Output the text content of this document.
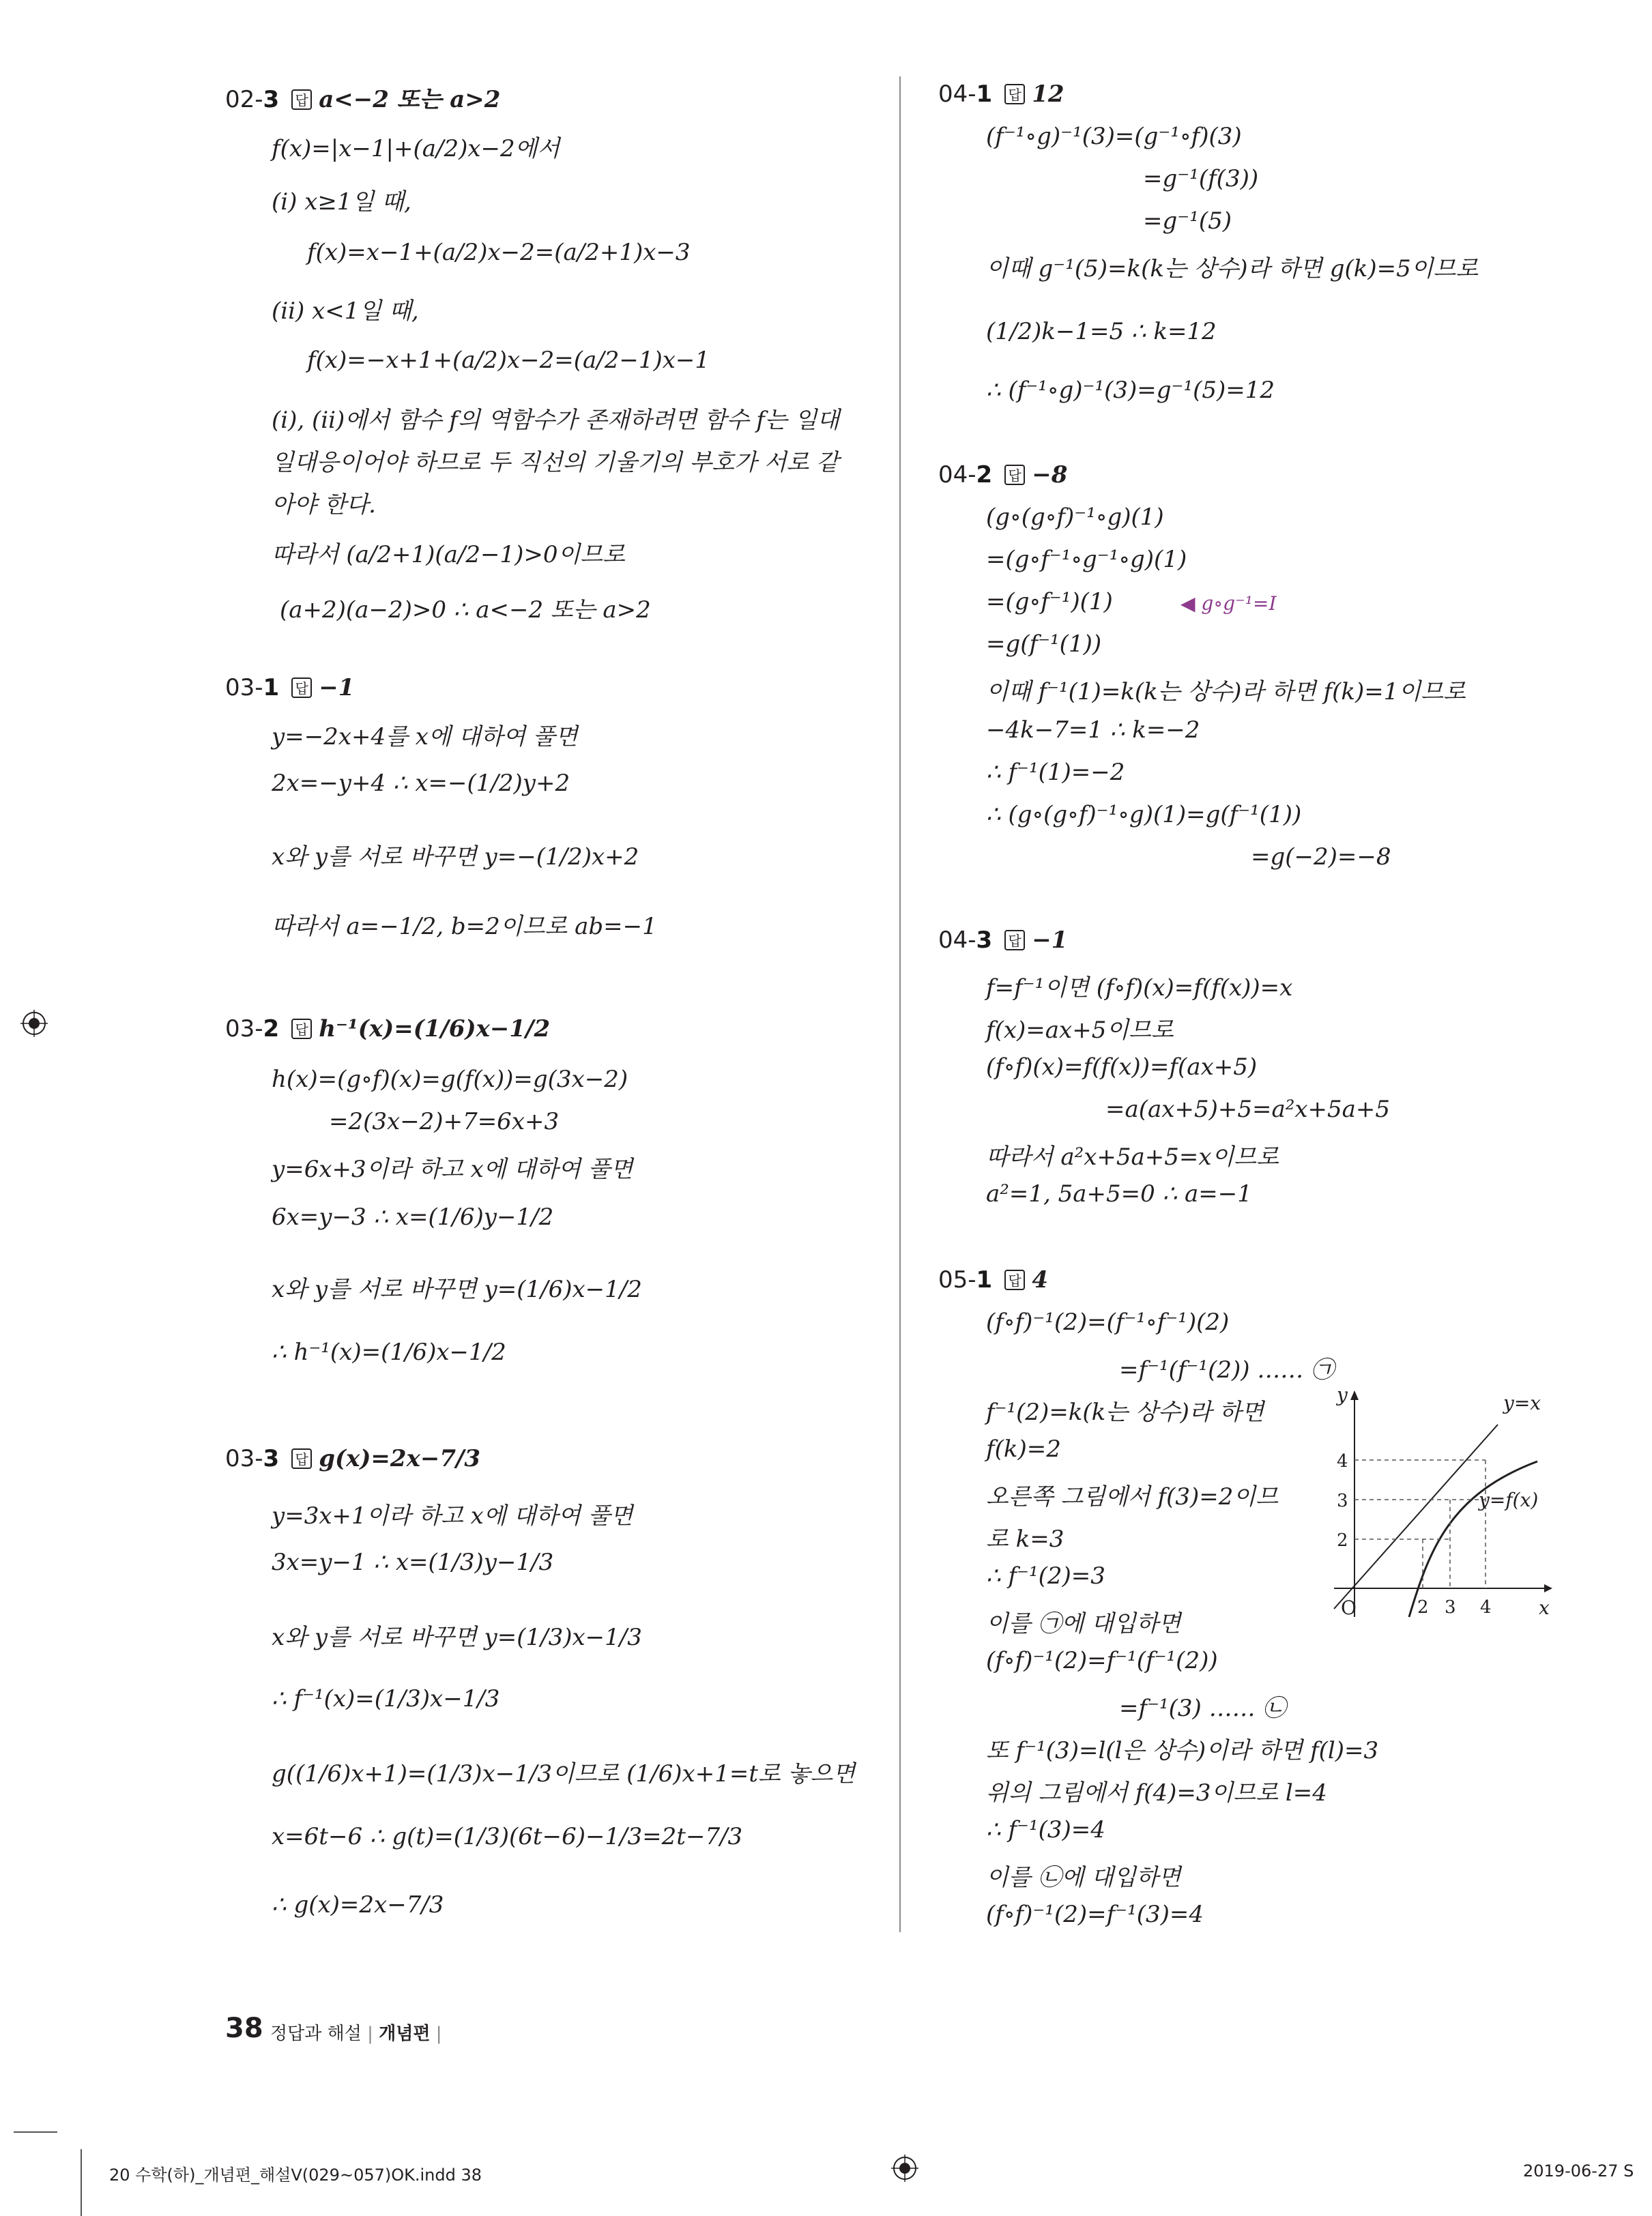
02-3 답 a<−2 또는 a>2
f(x)=|x−1|+(a/2)x−2에서
(ⅰ) x≥1일 때,
f(x)=x−1+(a/2)x−2=(a/2+1)x−3
(ⅱ) x<1일 때,
f(x)=−x+1+(a/2)x−2=(a/2−1)x−1
(ⅰ), (ⅱ)에서 함수 f의 역함수가 존재하려면 함수 f는 일대
일대응이어야 하므로 두 직선의 기울기의 부호가 서로 같
아야 한다.
따라서 (a/2+1)(a/2−1)>0이므로
(a+2)(a−2)>0 ∴ a<−2 또는 a>2
03-1 답 −1
y=−2x+4를 x에 대하여 풀면
2x=−y+4 ∴ x=−(1/2)y+2
x와 y를 서로 바꾸면 y=−(1/2)x+2
따라서 a=−1/2, b=2이므로 ab=−1
03-2 답 h⁻¹(x)=(1/6)x−1/2
h(x)=(g∘f)(x)=g(f(x))=g(3x−2)
=2(3x−2)+7=6x+3
y=6x+3이라 하고 x에 대하여 풀면
6x=y−3 ∴ x=(1/6)y−1/2
x와 y를 서로 바꾸면 y=(1/6)x−1/2
∴ h⁻¹(x)=(1/6)x−1/2
03-3 답 g(x)=2x−7/3
y=3x+1이라 하고 x에 대하여 풀면
3x=y−1 ∴ x=(1/3)y−1/3
x와 y를 서로 바꾸면 y=(1/3)x−1/3
∴ f⁻¹(x)=(1/3)x−1/3
g((1/6)x+1)=(1/3)x−1/3이므로 (1/6)x+1=t로 놓으면
x=6t−6 ∴ g(t)=(1/3)(6t−6)−1/3=2t−7/3
∴ g(x)=2x−7/3
04-1 답 12
(f⁻¹∘g)⁻¹(3)=(g⁻¹∘f)(3)
=g⁻¹(f(3))
=g⁻¹(5)
이때 g⁻¹(5)=k(k는 상수)라 하면 g(k)=5이므로
(1/2)k−1=5 ∴ k=12
∴ (f⁻¹∘g)⁻¹(3)=g⁻¹(5)=12
04-2 답 −8
(g∘(g∘f)⁻¹∘g)(1)
=(g∘f⁻¹∘g⁻¹∘g)(1)
=(g∘f⁻¹)(1)	◀ g∘g⁻¹=I
=g(f⁻¹(1))
이때 f⁻¹(1)=k(k는 상수)라 하면 f(k)=1이므로
−4k−7=1 ∴ k=−2
∴ f⁻¹(1)=−2
∴ (g∘(g∘f)⁻¹∘g)(1)=g(f⁻¹(1))
=g(−2)=−8
04-3 답 −1
f=f⁻¹이면 (f∘f)(x)=f(f(x))=x
f(x)=ax+5이므로
(f∘f)(x)=f(f(x))=f(ax+5)
=a(ax+5)+5=a²x+5a+5
따라서 a²x+5a+5=x이므로
a²=1, 5a+5=0 ∴ a=−1
05-1 답 4
(f∘f)⁻¹(2)=(f⁻¹∘f⁻¹)(2)
=f⁻¹(f⁻¹(2)) …… ㉠
f⁻¹(2)=k(k는 상수)라 하면
f(k)=2
오른쪽 그림에서 f(3)=2이므
로 k=3
∴ f⁻¹(2)=3
이를 ㉠에 대입하면
(f∘f)⁻¹(2)=f⁻¹(f⁻¹(2))
=f⁻¹(3) …… ㉡
또 f⁻¹(3)=l(l은 상수)이라 하면 f(l)=3
위의 그림에서 f(4)=3이므로 l=4
∴ f⁻¹(3)=4
이를 ㉡에 대입하면
(f∘f)⁻¹(2)=f⁻¹(3)=4
y
x
O
y=x
y=f(x)
4
3
2
2 3 4
38 정답과 해설 | 개념편 |
20 수학(하)_개념편_해설Ⅴ(029~057)OK.indd 38	2019-06-27 S
